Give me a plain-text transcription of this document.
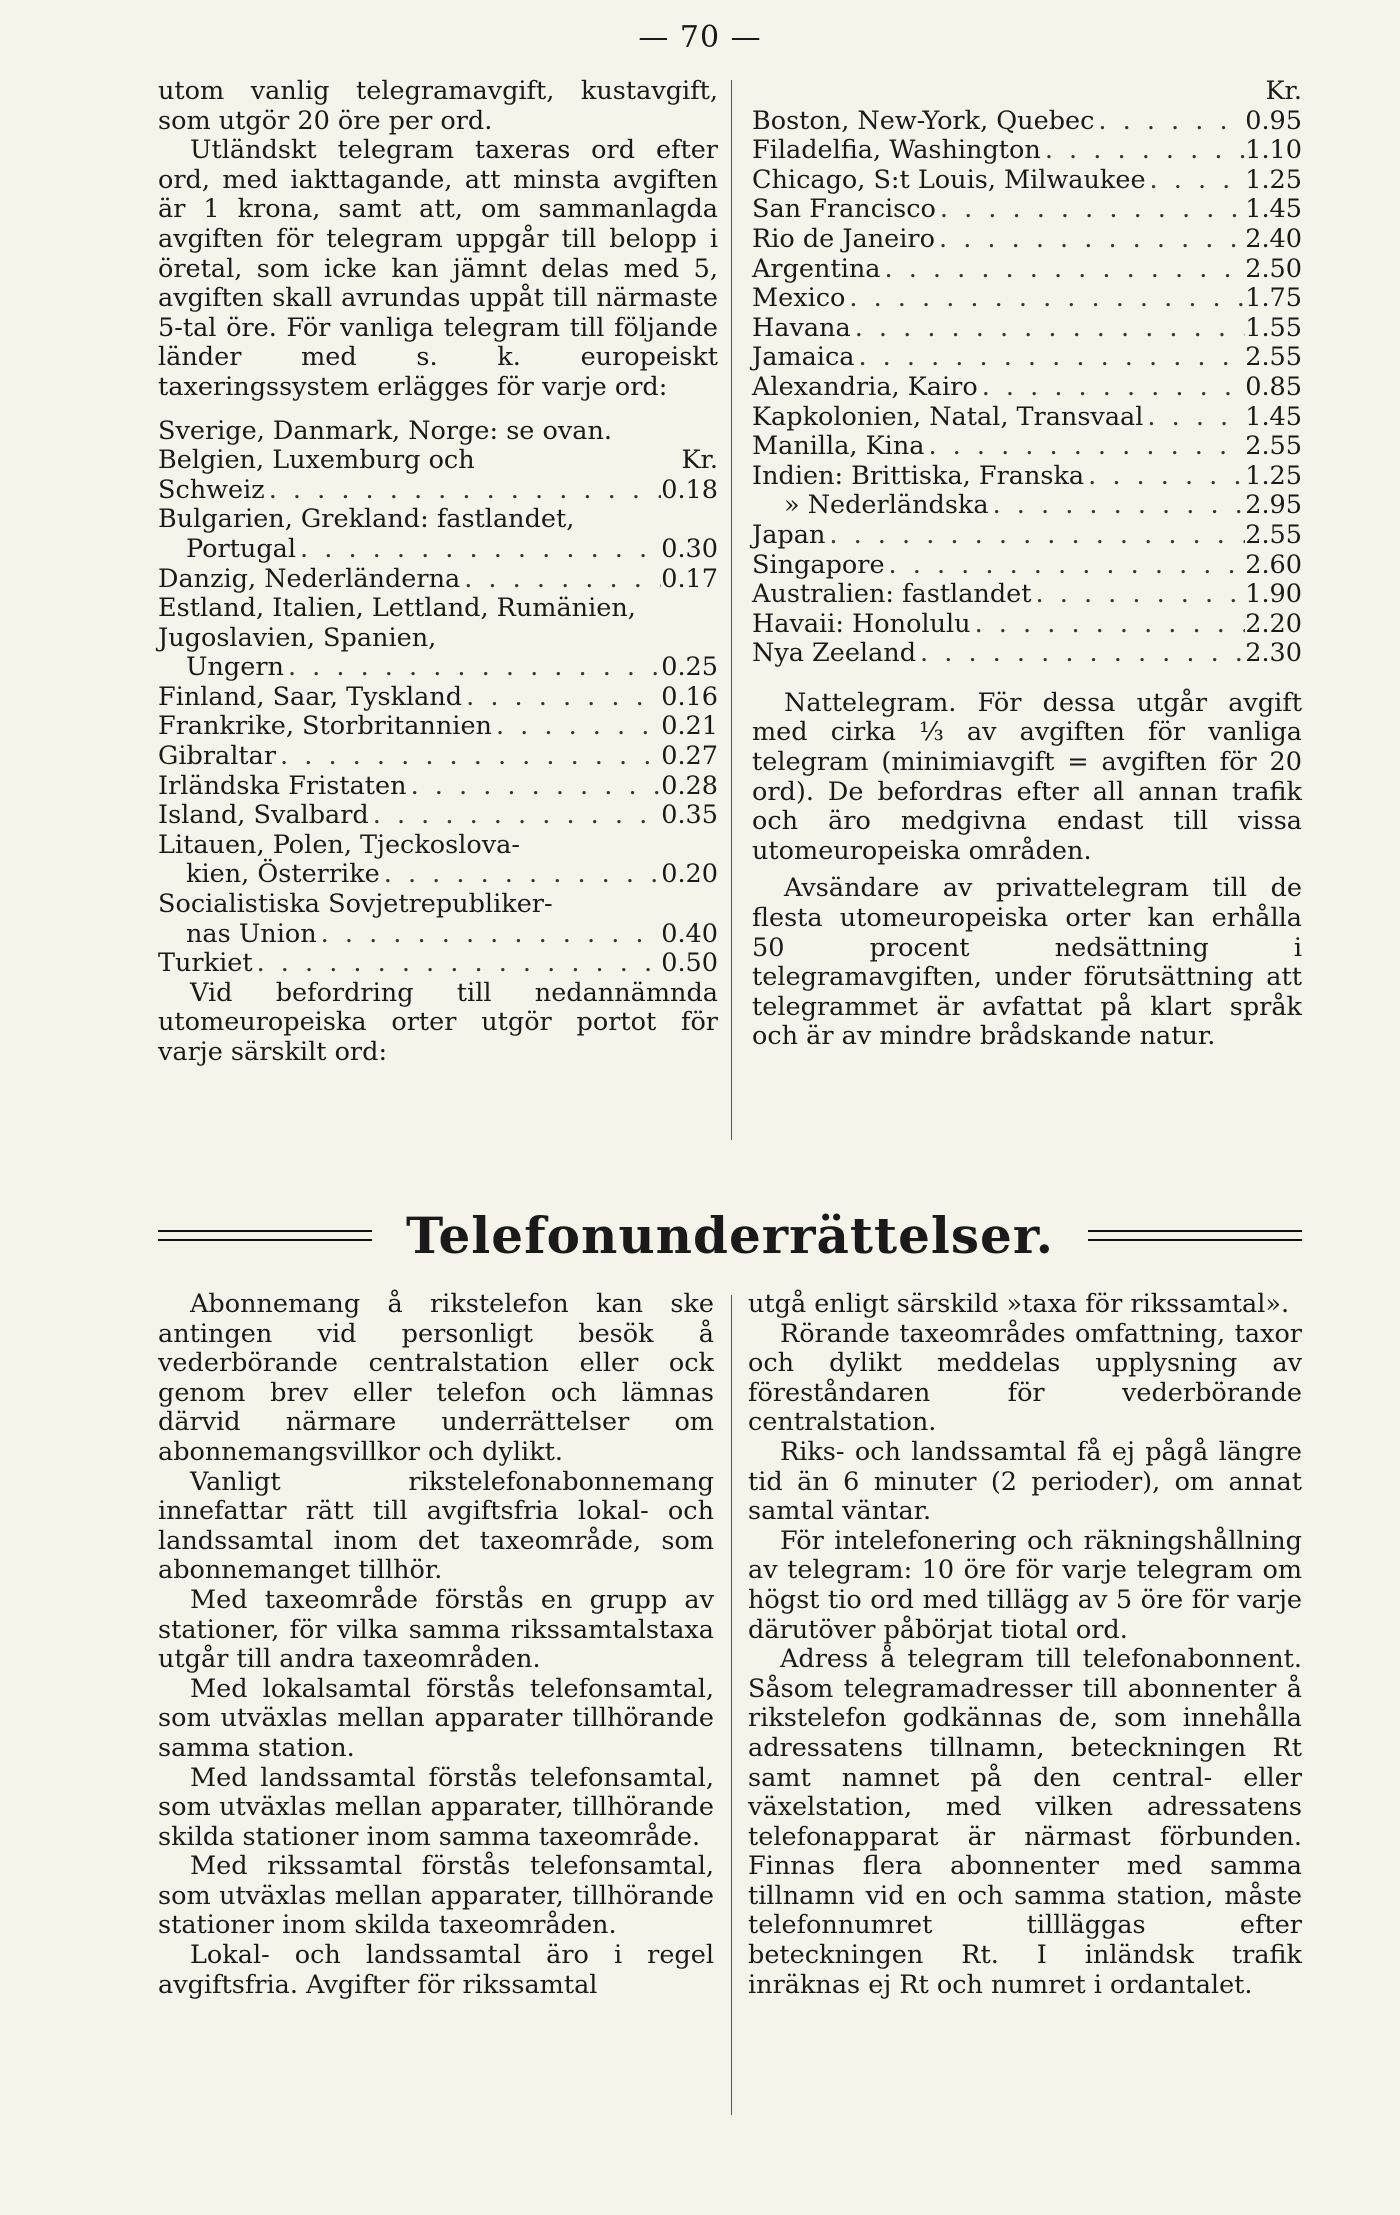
— 70 —

utom vanlig telegramavgift, kustavgift, som utgör 20 öre per ord.

Utländskt telegram taxeras ord efter ord, med iakttagande, att minsta avgiften är 1 krona, samt att, om sammanlagda avgiften för telegram uppgår till belopp i öretal, som icke kan jämnt delas med 5, avgiften skall avrundas uppåt till närmaste 5-tal öre. För vanliga telegram till följande länder med s. k. europeiskt taxeringssystem erlägges för varje ord:

Sverige, Danmark, Norge: se ovan.

Belgien, Luxemburg och	Kr.
Schweiz . . .	0.18

Bulgarien, Grekland: fastlandet,

Portugal . . .	0.30
Danzig, Nederländerna . . .	0.17

Estland, Italien, Lettland, Rumänien, Jugoslavien, Spanien,

Ungern . . .	0.25
Finland, Saar, Tyskland . . .	0.16
Frankrike, Storbritannien . . .	0.21
Gibraltar . . .	0.27
Irländska Fristaten . . .	0.28
Island, Svalbard . . .	0.35

Litauen, Polen, Tjeckoslova-

kien, Österrike . . .	0.20

Socialistiska Sovjetrepubliker-

nas Union . . .	0.40
Turkiet . . .	0.50

Vid befordring till nedannämnda utomeuropeiska orter utgör portot för varje särskilt ord:

Kr.
Boston, New-York, Quebec . . .	0.95
Filadelfia, Washington . . .	1.10
Chicago, S:t Louis, Milwaukee . . .	1.25
San Francisco . . .	1.45
Rio de Janeiro . . .	2.40
Argentina . . .	2.50
Mexico . . .	1.75
Havana . . .	1.55
Jamaica . . .	2.55
Alexandria, Kairo . . .	0.85
Kapkolonien, Natal, Transvaal . . .	1.45
Manilla, Kina . . .	2.55
Indien: Brittiska, Franska . . .	1.25
» Nederländska . . .	2.95
Japan . . .	2.55
Singapore . . .	2.60
Australien: fastlandet . . .	1.90
Havaii: Honolulu . . .	2.20
Nya Zeeland . . .	2.30

Nattelegram. För dessa utgår avgift med cirka ⅓ av avgiften för vanliga telegram (minimiavgift = avgiften för 20 ord). De befordras efter all annan trafik och äro medgivna endast till vissa utomeuropeiska områden.

Avsändare av privattelegram till de flesta utomeuropeiska orter kan erhålla 50 procent nedsättning i telegramavgiften, under förutsättning att telegrammet är avfattat på klart språk och är av mindre brådskande natur.

Telefonunderrättelser.

Abonnemang å rikstelefon kan ske antingen vid personligt besök å vederbörande centralstation eller ock genom brev eller telefon och lämnas därvid närmare underrättelser om abonnemangsvillkor och dylikt.

Vanligt rikstelefonabonnemang innefattar rätt till avgiftsfria lokal- och landssamtal inom det taxeområde, som abonnemanget tillhör.

Med taxeområde förstås en grupp av stationer, för vilka samma rikssamtalstaxa utgår till andra taxeområden.

Med lokalsamtal förstås telefonsamtal, som utväxlas mellan apparater tillhörande samma station.

Med landssamtal förstås telefonsamtal, som utväxlas mellan apparater, tillhörande skilda stationer inom samma taxeområde.

Med rikssamtal förstås telefonsamtal, som utväxlas mellan apparater, tillhörande stationer inom skilda taxeområden.

Lokal- och landssamtal äro i regel avgiftsfria. Avgifter för rikssamtal

utgå enligt särskild »taxa för rikssamtal».

Rörande taxeområdes omfattning, taxor och dylikt meddelas upplysning av föreståndaren för vederbörande centralstation.

Riks- och landssamtal få ej pågå längre tid än 6 minuter (2 perioder), om annat samtal väntar.

För intelefonering och räkningshållning av telegram: 10 öre för varje telegram om högst tio ord med tillägg av 5 öre för varje därutöver påbörjat tiotal ord.

Adress å telegram till telefonabonnent. Såsom telegramadresser till abonnenter å rikstelefon godkännas de, som innehålla adressatens tillnamn, beteckningen Rt samt namnet på den central- eller växelstation, med vilken adressatens telefonapparat är närmast förbunden. Finnas flera abonnenter med samma tillnamn vid en och samma station, måste telefonnumret tillläggas efter beteckningen Rt. I inländsk trafik inräknas ej Rt och numret i ordantalet.
